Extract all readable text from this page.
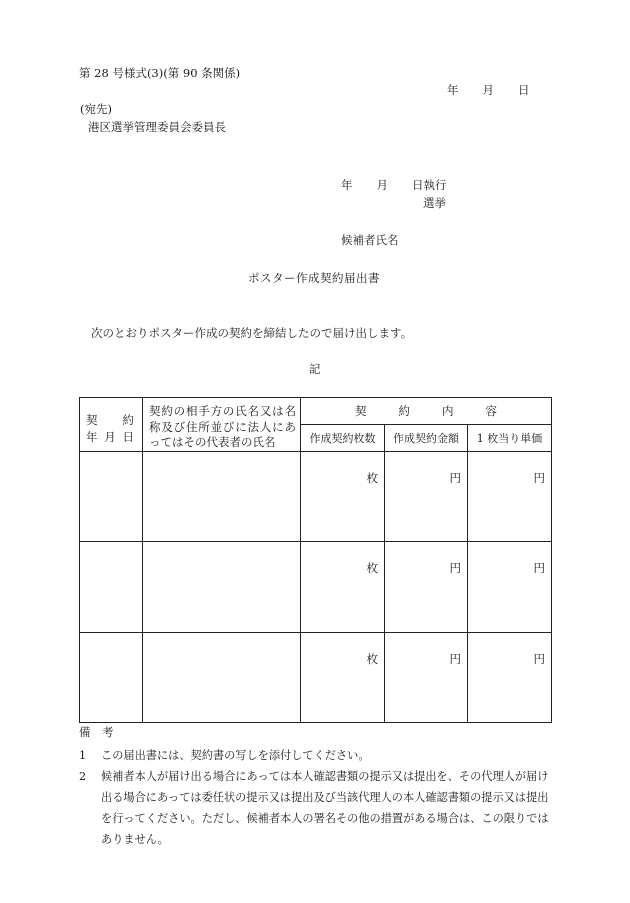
第 28 号様式(3)(第 90 条関係)
年 月 日
(宛先)
港区選挙管理委員会委員長
年 月 日執行
選挙
候補者氏名
ポスター作成契約届出書
次のとおりポスター作成の契約を締結したので届け出します。
記
契 約
年 月 日	契約の相手方の氏名又は名称及び住所並びに法人にあってはその代表者の氏名	契 約 内 容		
		作成契約枚数	作成契約金額	1 枚当り単価
		枚	円	円
		枚	円	円
		枚	円	円
備　考
1	この届出書には、契約書の写しを添付してください。
2	候補者本人が届け出る場合にあっては本人確認書類の提示又は提出を、その代理人が届け出る場合にあっては委任状の提示又は提出及び当該代理人の本人確認書類の提示又は提出を行ってください。ただし、候補者本人の署名その他の措置がある場合は、この限りではありません。
